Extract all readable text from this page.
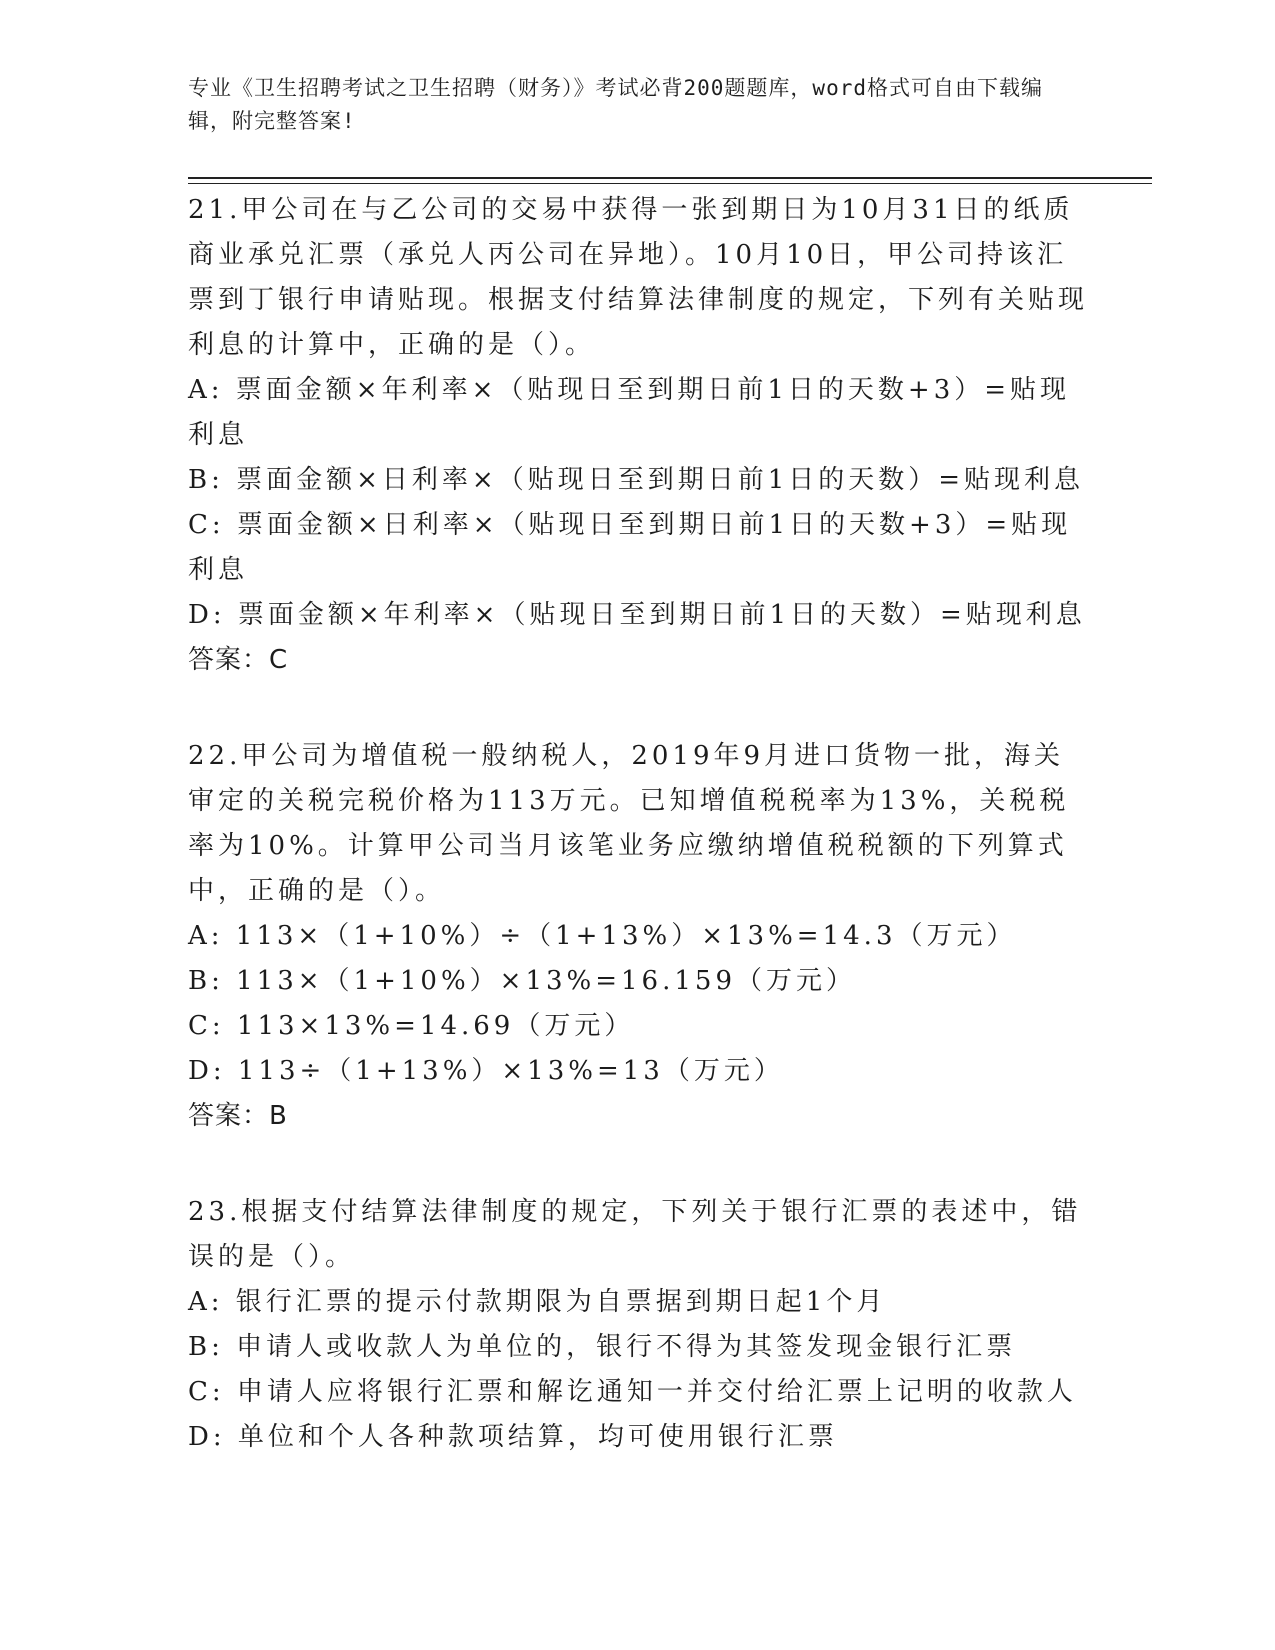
专业《卫生招聘考试之卫生招聘（财务）》考试必背200题题库，word格式可自由下载编辑，附完整答案!

21.甲公司在与乙公司的交易中获得一张到期日为10月31日的纸质商业承兑汇票（承兑人丙公司在异地）。10月10日，甲公司持该汇票到丁银行申请贴现。根据支付结算法律制度的规定，下列有关贴现利息的计算中，正确的是（）。

A: 票面金额×年利率×（贴现日至到期日前1日的天数+3）=贴现利息

B: 票面金额×日利率×（贴现日至到期日前1日的天数）=贴现利息

C: 票面金额×日利率×（贴现日至到期日前1日的天数+3）=贴现利息

D: 票面金额×年利率×（贴现日至到期日前1日的天数）=贴现利息

答案：C

22.甲公司为增值税一般纳税人，2019年9月进口货物一批，海关审定的关税完税价格为113万元。已知增值税税率为13%，关税税率为10%。计算甲公司当月该笔业务应缴纳增值税税额的下列算式中，正确的是（）。

A: 113×（1+10%）÷（1+13%）×13%=14.3（万元）

B: 113×（1+10%）×13%=16.159（万元）

C: 113×13%=14.69（万元）

D: 113÷（1+13%）×13%=13（万元）

答案：B

23.根据支付结算法律制度的规定，下列关于银行汇票的表述中，错误的是（）。

A: 银行汇票的提示付款期限为自票据到期日起1个月

B: 申请人或收款人为单位的，银行不得为其签发现金银行汇票

C: 申请人应将银行汇票和解讫通知一并交付给汇票上记明的收款人

D: 单位和个人各种款项结算，均可使用银行汇票
